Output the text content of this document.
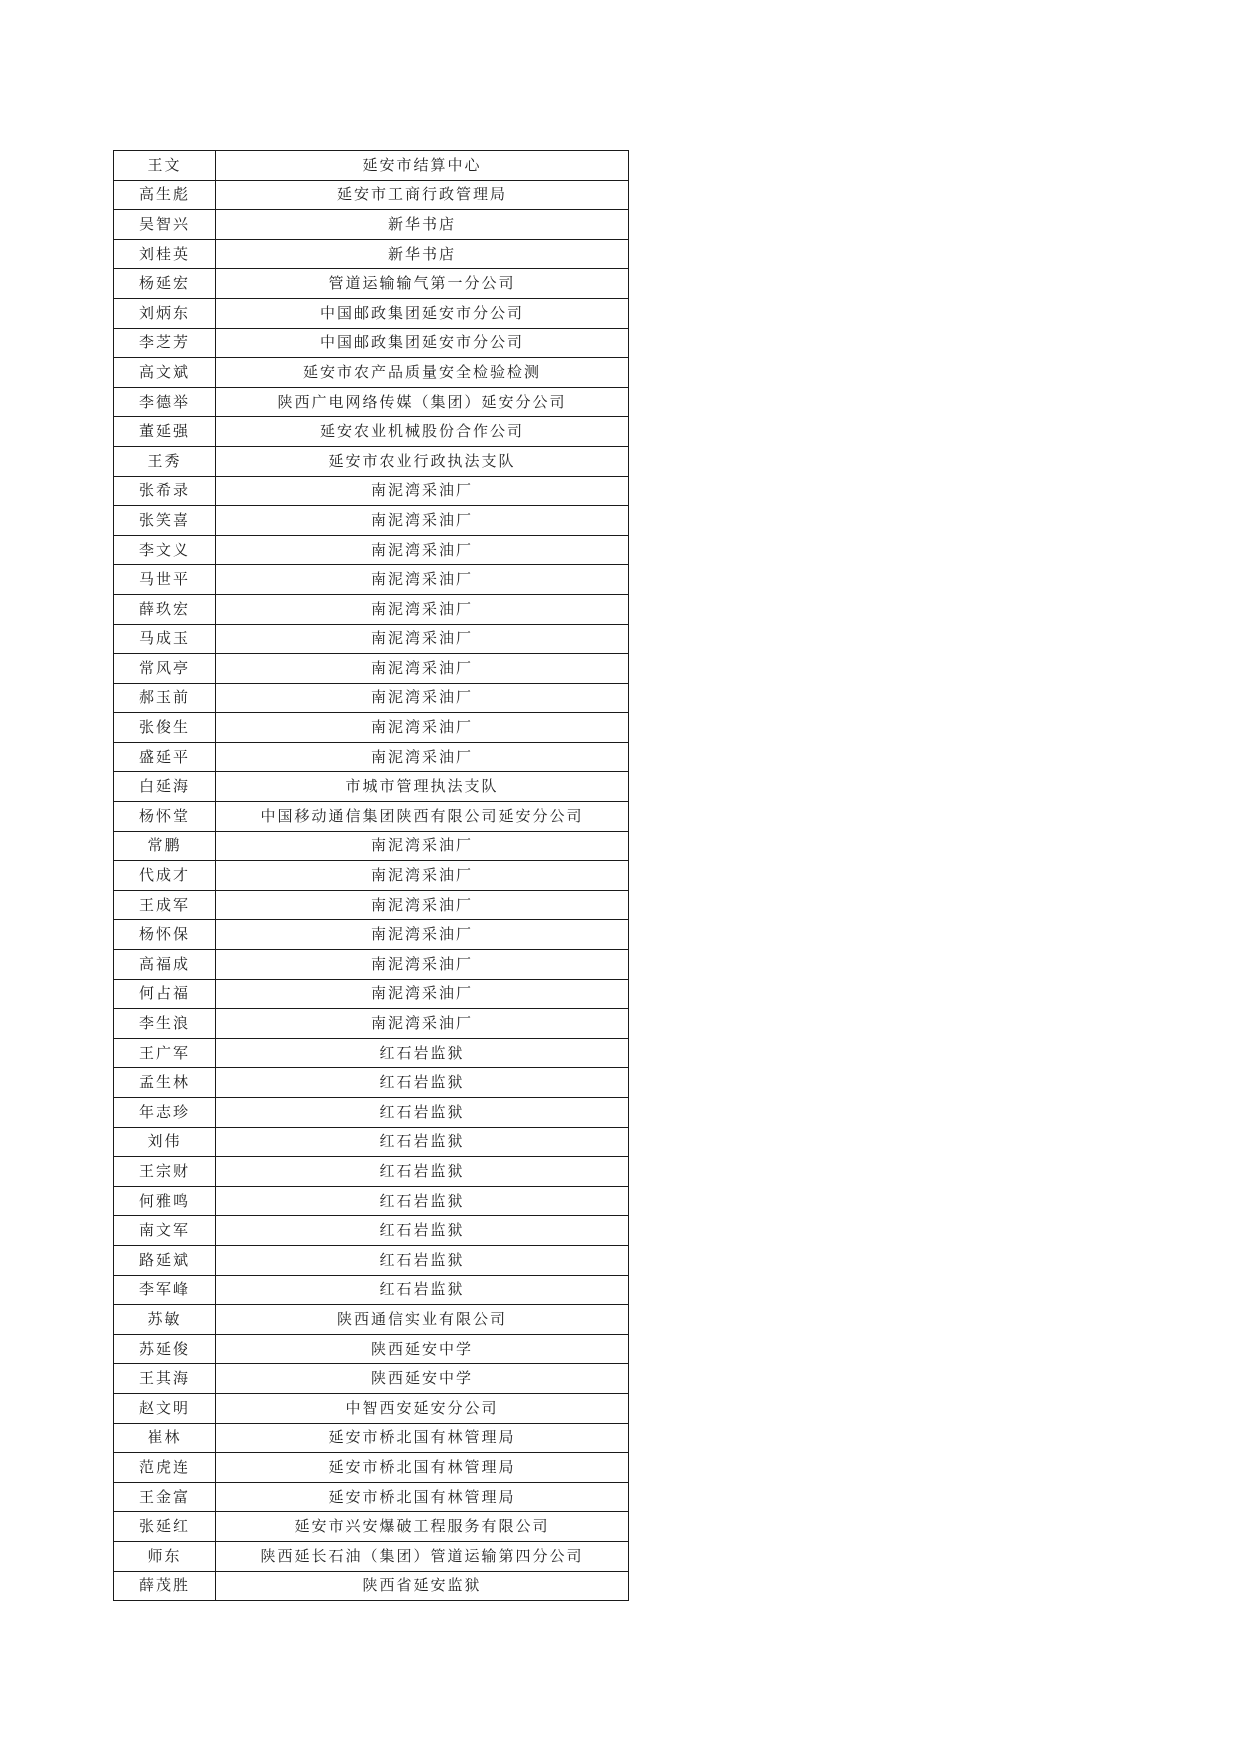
王文	延安市结算中心
高生彪	延安市工商行政管理局
吴智兴	新华书店
刘桂英	新华书店
杨延宏	管道运输输气第一分公司
刘炳东	中国邮政集团延安市分公司
李芝芳	中国邮政集团延安市分公司
高文斌	延安市农产品质量安全检验检测
李德举	陕西广电网络传媒（集团）延安分公司
董延强	延安农业机械股份合作公司
王秀	延安市农业行政执法支队
张希录	南泥湾采油厂
张笑喜	南泥湾采油厂
李文义	南泥湾采油厂
马世平	南泥湾采油厂
薛玖宏	南泥湾采油厂
马成玉	南泥湾采油厂
常风亭	南泥湾采油厂
郝玉前	南泥湾采油厂
张俊生	南泥湾采油厂
盛延平	南泥湾采油厂
白延海	市城市管理执法支队
杨怀堂	中国移动通信集团陕西有限公司延安分公司
常鹏	南泥湾采油厂
代成才	南泥湾采油厂
王成军	南泥湾采油厂
杨怀保	南泥湾采油厂
高福成	南泥湾采油厂
何占福	南泥湾采油厂
李生浪	南泥湾采油厂
王广军	红石岩监狱
孟生林	红石岩监狱
年志珍	红石岩监狱
刘伟	红石岩监狱
王宗财	红石岩监狱
何雅鸣	红石岩监狱
南文军	红石岩监狱
路延斌	红石岩监狱
李军峰	红石岩监狱
苏敏	陕西通信实业有限公司
苏延俊	陕西延安中学
王其海	陕西延安中学
赵文明	中智西安延安分公司
崔林	延安市桥北国有林管理局
范虎连	延安市桥北国有林管理局
王金富	延安市桥北国有林管理局
张延红	延安市兴安爆破工程服务有限公司
师东	陕西延长石油（集团）管道运输第四分公司
薛茂胜	陕西省延安监狱
